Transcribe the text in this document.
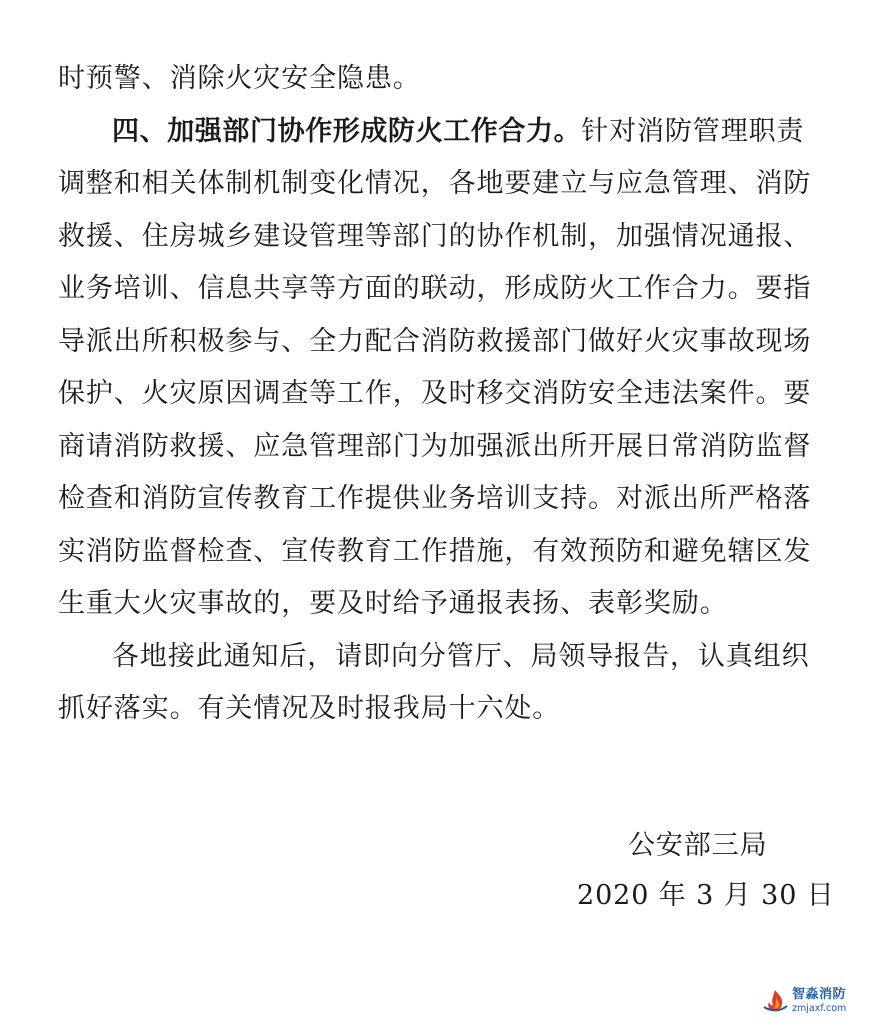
时预警、消除火灾安全隐患。
四、加强部门协作形成防火工作合力。针对消防管理职责
调整和相关体制机制变化情况，各地要建立与应急管理、消防
救援、住房城乡建设管理等部门的协作机制，加强情况通报、
业务培训、信息共享等方面的联动，形成防火工作合力。要指
导派出所积极参与、全力配合消防救援部门做好火灾事故现场
保护、火灾原因调查等工作，及时移交消防安全违法案件。要
商请消防救援、应急管理部门为加强派出所开展日常消防监督
检查和消防宣传教育工作提供业务培训支持。对派出所严格落
实消防监督检查、宣传教育工作措施，有效预防和避免辖区发
生重大火灾事故的，要及时给予通报表扬、表彰奖励。
各地接此通知后，请即向分管厅、局领导报告，认真组织
抓好落实。有关情况及时报我局十六处。
公安部三局
2020 年 3 月 30 日
智淼消防
zmjaxf.com
